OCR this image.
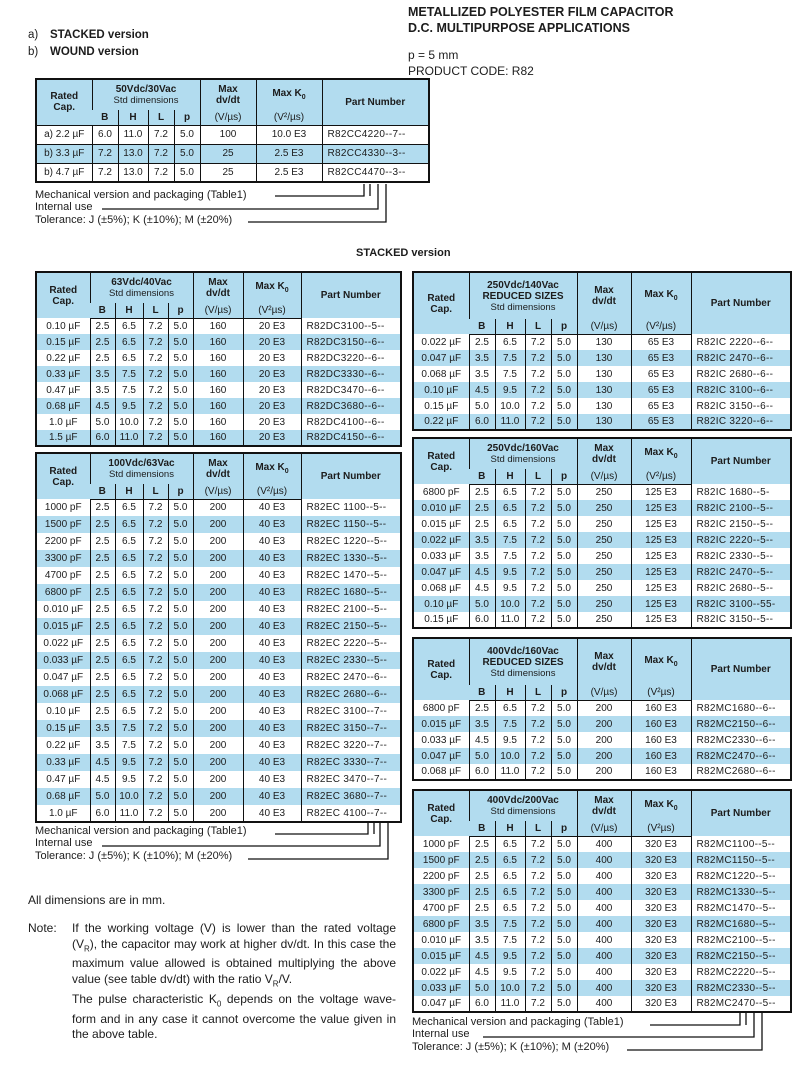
a) STACKED version
b) WOUND version
METALLIZED POLYESTER FILM CAPACITOR
D.C. MULTIPURPOSE APPLICATIONS
p = 5 mm
PRODUCT CODE: R82
Rated
Cap.	50Vdc/30Vac
Std dimensions				Max
dv/dt	Max $K_0$	Part Number
	B	H	L	p	(V/µs)	(V²/µs)	
a) 2.2 µF	6.0	11.0	7.2	5.0	100	10.0 E3	R82CC4220--7--
b) 3.3 µF	7.2	13.0	7.2	5.0	25	2.5 E3	R82CC4330--3--
b) 4.7 µF	7.2	13.0	7.2	5.0	25	2.5 E3	R82CC4470--3--
Mechanical version and packaging (Table1)
Internal use
Tolerance: J (±5%); K (±10%); M (±20%)
STACKED version
Rated
Cap.	63Vdc/40Vac
Std dimensions				Max
dv/dt	Max $K_0$	Part Number
	B	H	L	p	(V/µs)	(V²µs)	
0.10 µF	2.5	6.5	7.2	5.0	160	20 E3	R82DC3100--5--
0.15 µF	2.5	6.5	7.2	5.0	160	20 E3	R82DC3150--6--
0.22 µF	2.5	6.5	7.2	5.0	160	20 E3	R82DC3220--6--
0.33 µF	3.5	7.5	7.2	5.0	160	20 E3	R82DC3330--6--
0.47 µF	3.5	7.5	7.2	5.0	160	20 E3	R82DC3470--6--
0.68 µF	4.5	9.5	7.2	5.0	160	20 E3	R82DC3680--6--
1.0 µF	5.0	10.0	7.2	5.0	160	20 E3	R82DC4100--6--
1.5 µF	6.0	11.0	7.2	5.0	160	20 E3	R82DC4150--6--
Rated
Cap.	100Vdc/63Vac
Std dimensions				Max
dv/dt	Max $K_0$	Part Number
	B	H	L	p	(V/µs)	(V²/µs)	
1000 pF	2.5	6.5	7.2	5.0	200	40 E3	R82EC 1100--5--
1500 pF	2.5	6.5	7.2	5.0	200	40 E3	R82EC 1150--5--
2200 pF	2.5	6.5	7.2	5.0	200	40 E3	R82EC 1220--5--
3300 pF	2.5	6.5	7.2	5.0	200	40 E3	R82EC 1330--5--
4700 pF	2.5	6.5	7.2	5.0	200	40 E3	R82EC 1470--5--
6800 pF	2.5	6.5	7.2	5.0	200	40 E3	R82EC 1680--5--
0.010 µF	2.5	6.5	7.2	5.0	200	40 E3	R82EC 2100--5--
0.015 µF	2.5	6.5	7.2	5.0	200	40 E3	R82EC 2150--5--
0.022 µF	2.5	6.5	7.2	5.0	200	40 E3	R82EC 2220--5--
0.033 µF	2.5	6.5	7.2	5.0	200	40 E3	R82EC 2330--5--
0.047 µF	2.5	6.5	7.2	5.0	200	40 E3	R82EC 2470--6--
0.068 µF	2.5	6.5	7.2	5.0	200	40 E3	R82EC 2680--6--
0.10 µF	2.5	6.5	7.2	5.0	200	40 E3	R82EC 3100--7--
0.15 µF	3.5	7.5	7.2	5.0	200	40 E3	R82EC 3150--7--
0.22 µF	3.5	7.5	7.2	5.0	200	40 E3	R82EC 3220--7--
0.33 µF	4.5	9.5	7.2	5.0	200	40 E3	R82EC 3330--7--
0.47 µF	4.5	9.5	7.2	5.0	200	40 E3	R82EC 3470--7--
0.68 µF	5.0	10.0	7.2	5.0	200	40 E3	R82EC 3680--7--
1.0 µF	6.0	11.0	7.2	5.0	200	40 E3	R82EC 4100--7--
Mechanical version and packaging (Table1)
Internal use
Tolerance: J (±5%); K (±10%); M (±20%)
Rated
Cap.	250Vdc/140Vac
REDUCED SIZES
Std dimensions				Max
dv/dt	Max $K_0$	Part Number
	B	H	L	p	(V/µs)	(V²/µs)	
0.022 µF	2.5	6.5	7.2	5.0	130	65 E3	R82IC 2220--6--
0.047 µF	3.5	7.5	7.2	5.0	130	65 E3	R82IC 2470--6--
0.068 µF	3.5	7.5	7.2	5.0	130	65 E3	R82IC 2680--6--
0.10 µF	4.5	9.5	7.2	5.0	130	65 E3	R82IC 3100--6--
0.15 µF	5.0	10.0	7.2	5.0	130	65 E3	R82IC 3150--6--
0.22 µF	6.0	11.0	7.2	5.0	130	65 E3	R82IC 3220--6--
Rated
Cap.	250Vdc/160Vac
Std dimensions				Max
dv/dt	Max $K_0$	Part Number
	B	H	L	p	(V/µs)	(V²/µs)	
6800 pF	2.5	6.5	7.2	5.0	250	125 E3	R82IC 1680--5-
0.010 µF	2.5	6.5	7.2	5.0	250	125 E3	R82IC 2100--5--
0.015 µF	2.5	6.5	7.2	5.0	250	125 E3	R82IC 2150--5--
0.022 µF	3.5	7.5	7.2	5.0	250	125 E3	R82IC 2220--5--
0.033 µF	3.5	7.5	7.2	5.0	250	125 E3	R82IC 2330--5--
0.047 µF	4.5	9.5	7.2	5.0	250	125 E3	R82IC 2470--5--
0.068 µF	4.5	9.5	7.2	5.0	250	125 E3	R82IC 2680--5--
0.10 µF	5.0	10.0	7.2	5.0	250	125 E3	R82IC 3100--55-
0.15 µF	6.0	11.0	7.2	5.0	250	125 E3	R82IC 3150--5--
Rated
Cap.	400Vdc/160Vac
REDUCED SIZES
Std dimensions				Max
dv/dt	Max $K_0$	Part Number
	B	H	L	p	(V/µs)	(V²µs)	
6800 pF	2.5	6.5	7.2	5.0	200	160 E3	R82MC1680--6--
0.015 µF	3.5	7.5	7.2	5.0	200	160 E3	R82MC2150--6--
0.033 µF	4.5	9.5	7.2	5.0	200	160 E3	R82MC2330--6--
0.047 µF	5.0	10.0	7.2	5.0	200	160 E3	R82MC2470--6--
0.068 µF	6.0	11.0	7.2	5.0	200	160 E3	R82MC2680--6--
Rated
Cap.	400Vdc/200Vac
Std dimensions				Max
dv/dt	Max $K_0$	Part Number
	B	H	L	p	(V/µs)	(V²µs)	
1000 pF	2.5	6.5	7.2	5.0	400	320 E3	R82MC1100--5--
1500 pF	2.5	6.5	7.2	5.0	400	320 E3	R82MC1150--5--
2200 pF	2.5	6.5	7.2	5.0	400	320 E3	R82MC1220--5--
3300 pF	2.5	6.5	7.2	5.0	400	320 E3	R82MC1330--5--
4700 pF	2.5	6.5	7.2	5.0	400	320 E3	R82MC1470--5--
6800 pF	3.5	7.5	7.2	5.0	400	320 E3	R82MC1680--5--
0.010 µF	3.5	7.5	7.2	5.0	400	320 E3	R82MC2100--5--
0.015 µF	4.5	9.5	7.2	5.0	400	320 E3	R82MC2150--5--
0.022 µF	4.5	9.5	7.2	5.0	400	320 E3	R82MC2220--5--
0.033 µF	5.0	10.0	7.2	5.0	400	320 E3	R82MC2330--5--
0.047 µF	6.0	11.0	7.2	5.0	400	320 E3	R82MC2470--5--
Mechanical version and packaging (Table1)
Internal use
Tolerance: J (±5%); K (±10%); M (±20%)
All dimensions are in mm.
Note: If the working voltage (V) is lower than the rated voltage $(V_R)$, the capacitor may work at higher dv/dt. In this case the maximum value allowed is obtained multiplying the above value (see table dv/dt) with the ratio $V_R/V$.
The pulse characteristic $K_0$ depends on the voltage wave-form and in any case it cannot overcome the value given in the above table.
